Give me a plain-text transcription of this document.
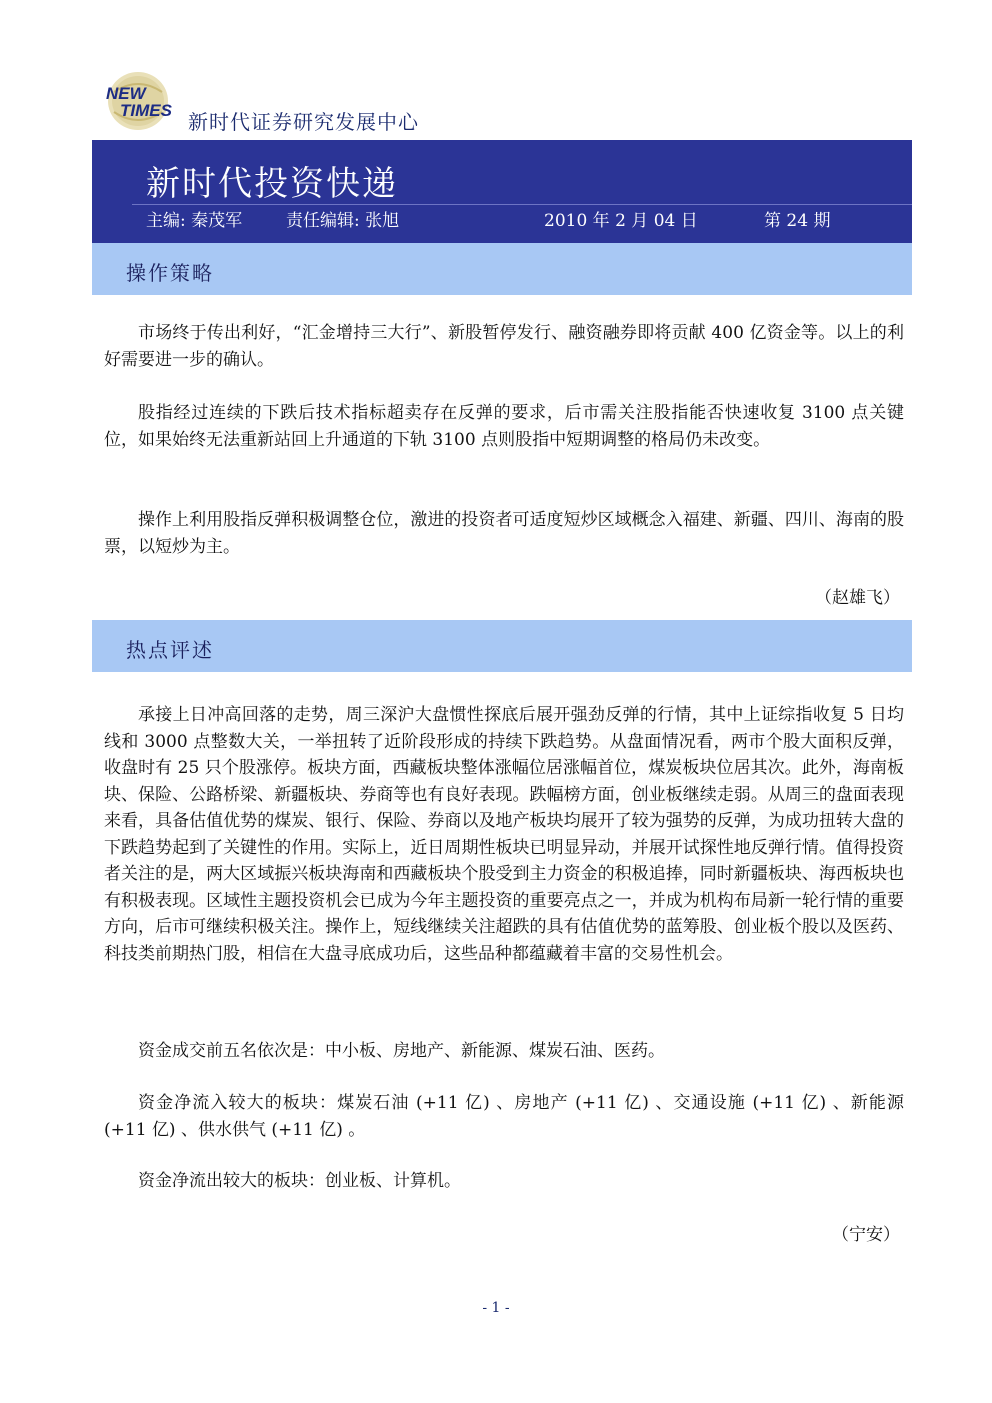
NEW
TIMES 新时代证券研究发展中心
新时代投资快递
主编: 秦茂军	责任编辑: 张旭	2010 年 2 月 04 日	第 24 期
操作策略

市场终于传出利好，“汇金增持三大行”、新股暂停发行、融资融券即将贡献 400 亿资金等。以上的利好需要进一步的确认。

股指经过连续的下跌后技术指标超卖存在反弹的要求，后市需关注股指能否快速收复 3100 点关键位，如果始终无法重新站回上升通道的下轨 3100 点则股指中短期调整的格局仍未改变。

操作上利用股指反弹积极调整仓位，激进的投资者可适度短炒区域概念入福建、新疆、四川、海南的股票，以短炒为主。

（赵雄飞）
热点评述

承接上日冲高回落的走势，周三深沪大盘惯性探底后展开强劲反弹的行情，其中上证综指收复 5 日均线和 3000 点整数大关，一举扭转了近阶段形成的持续下跌趋势。从盘面情况看，两市个股大面积反弹，收盘时有 25 只个股涨停。板块方面，西藏板块整体涨幅位居涨幅首位，煤炭板块位居其次。此外，海南板块、保险、公路桥梁、新疆板块、券商等也有良好表现。跌幅榜方面，创业板继续走弱。从周三的盘面表现来看，具备估值优势的煤炭、银行、保险、券商以及地产板块均展开了较为强势的反弹，为成功扭转大盘的下跌趋势起到了关键性的作用。实际上，近日周期性板块已明显异动，并展开试探性地反弹行情。值得投资者关注的是，两大区域振兴板块海南和西藏板块个股受到主力资金的积极追捧，同时新疆板块、海西板块也有积极表现。区域性主题投资机会已成为今年主题投资的重要亮点之一，并成为机构布局新一轮行情的重要方向，后市可继续积极关注。操作上，短线继续关注超跌的具有估值优势的蓝筹股、创业板个股以及医药、科技类前期热门股，相信在大盘寻底成功后，这些品种都蕴藏着丰富的交易性机会。

资金成交前五名依次是：中小板、房地产、新能源、煤炭石油、医药。

资金净流入较大的板块：煤炭石油 (+11 亿) 、房地产 (+11 亿) 、交通设施 (+11 亿) 、新能源 (+11 亿) 、供水供气 (+11 亿) 。

资金净流出较大的板块：创业板、计算机。

（宁安）
- 1 -
